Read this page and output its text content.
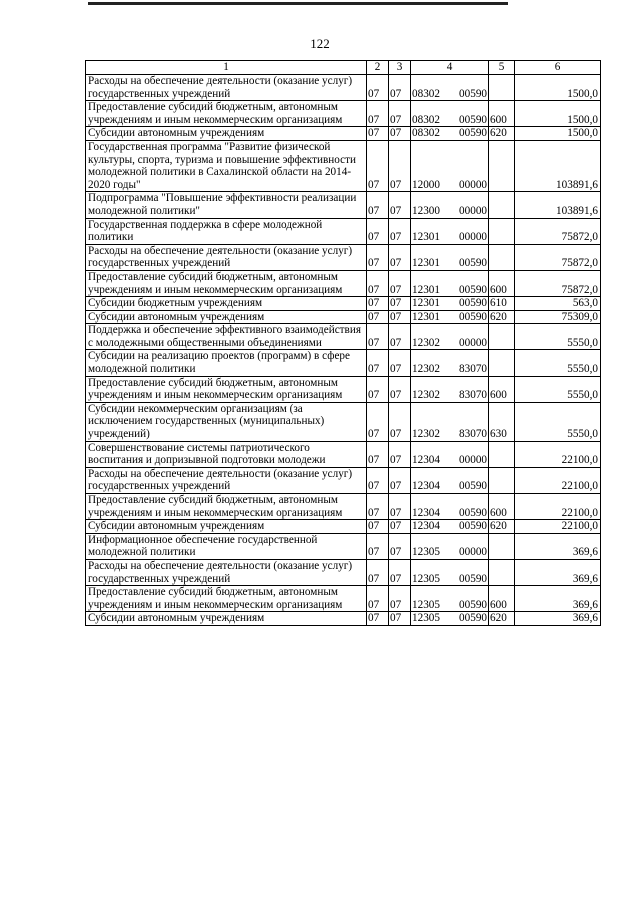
122
1	2	3	4	5	6
Расходы на обеспечение деятельности (оказание услуг) государственных учреждений	07	07	08302 00590		1500,0
Предоставление субсидий бюджетным, автономным учреждениям и иным некоммерческим организациям	07	07	08302 00590	600	1500,0
Субсидии автономным учреждениям	07	07	08302 00590	620	1500,0
Государственная программа "Развитие физической культуры, спорта, туризма и повышение эффективности молодежной политики в Сахалинской области на 2014-2020 годы"	07	07	12000 00000		103891,6
Подпрограмма "Повышение эффективности реализации молодежной политики"	07	07	12300 00000		103891,6
Государственная поддержка в сфере молодежной политики	07	07	12301 00000		75872,0
Расходы на обеспечение деятельности (оказание услуг) государственных учреждений	07	07	12301 00590		75872,0
Предоставление субсидий бюджетным, автономным учреждениям и иным некоммерческим организациям	07	07	12301 00590	600	75872,0
Субсидии бюджетным учреждениям	07	07	12301 00590	610	563,0
Субсидии автономным учреждениям	07	07	12301 00590	620	75309,0
Поддержка и обеспечение эффективного взаимодействия с молодежными общественными объединениями	07	07	12302 00000		5550,0
Субсидии на реализацию проектов (программ) в сфере молодежной политики	07	07	12302 83070		5550,0
Предоставление субсидий бюджетным, автономным учреждениям и иным некоммерческим организациям	07	07	12302 83070	600	5550,0
Субсидии некоммерческим организациям (за исключением государственных (муниципальных) учреждений)	07	07	12302 83070	630	5550,0
Совершенствование системы патриотического воспитания и допризывной подготовки молодежи	07	07	12304 00000		22100,0
Расходы на обеспечение деятельности (оказание услуг) государственных учреждений	07	07	12304 00590		22100,0
Предоставление субсидий бюджетным, автономным учреждениям и иным некоммерческим организациям	07	07	12304 00590	600	22100,0
Субсидии автономным учреждениям	07	07	12304 00590	620	22100,0
Информационное обеспечение государственной молодежной политики	07	07	12305 00000		369,6
Расходы на обеспечение деятельности (оказание услуг) государственных учреждений	07	07	12305 00590		369,6
Предоставление субсидий бюджетным, автономным учреждениям и иным некоммерческим организациям	07	07	12305 00590	600	369,6
Субсидии автономным учреждениям	07	07	12305 00590	620	369,6
